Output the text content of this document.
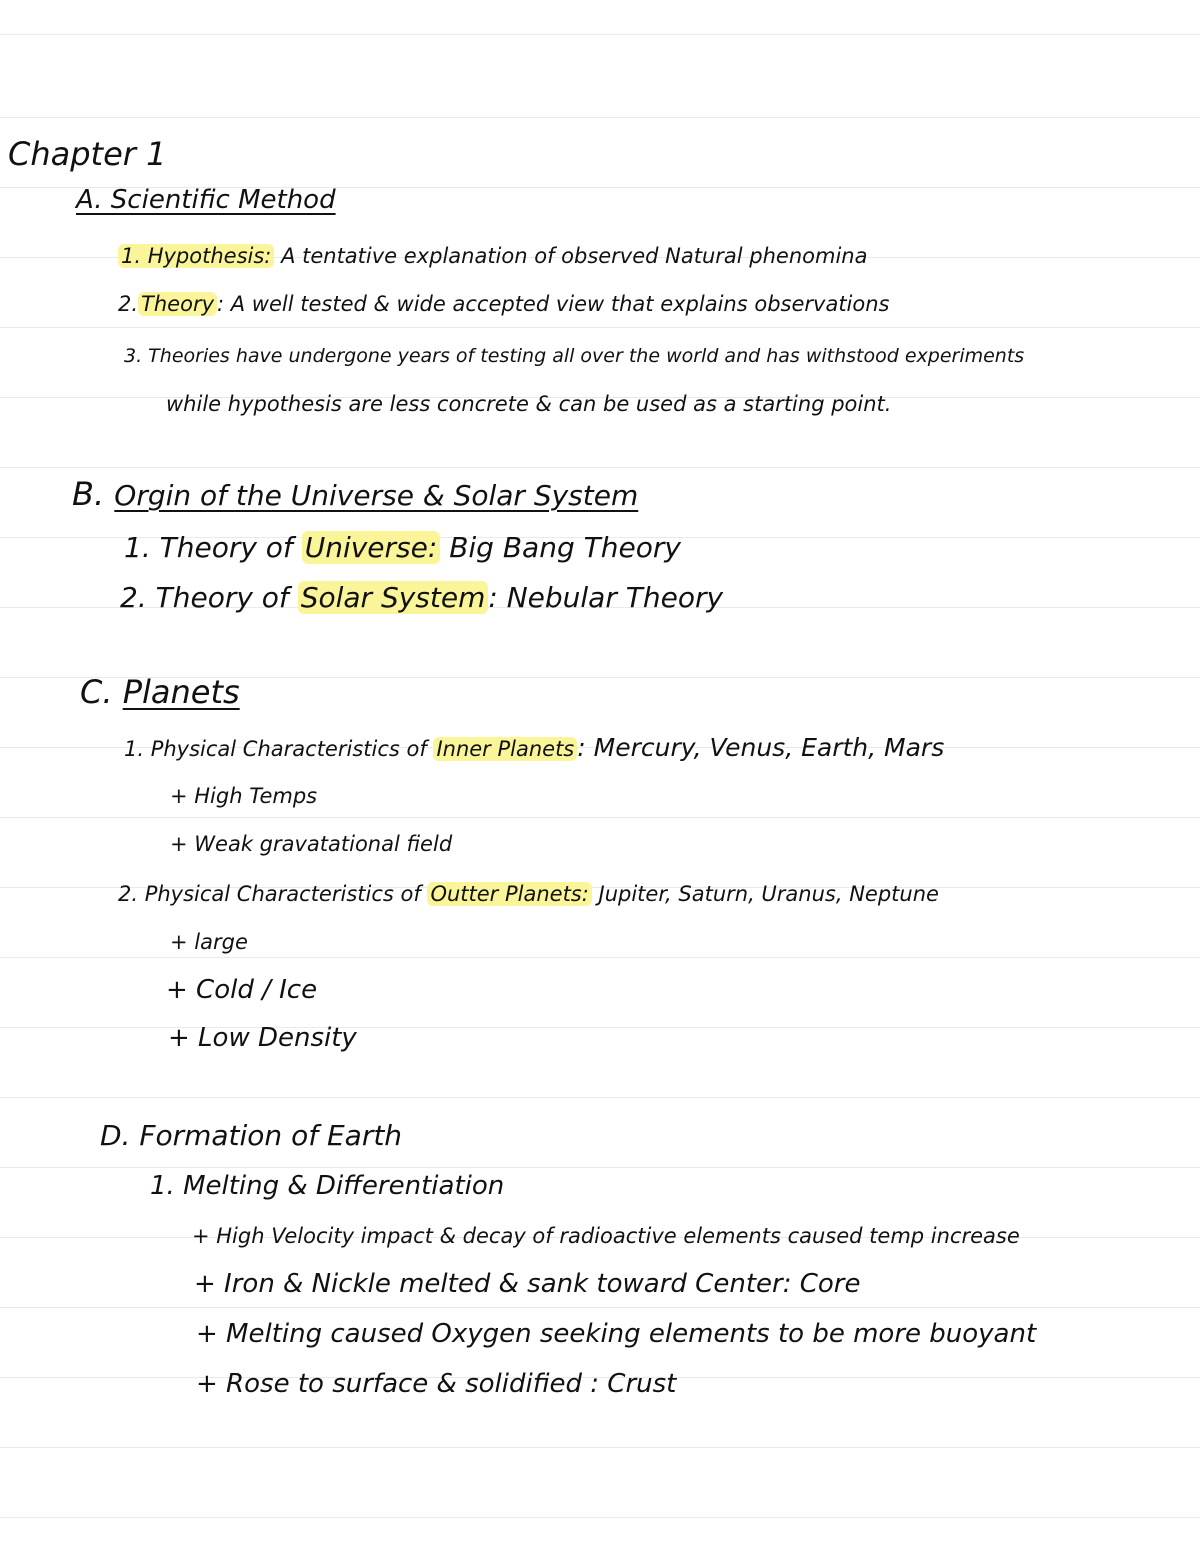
Chapter 1
A. Scientific Method
1. Hypothesis: A tentative explanation of observed Natural phenomina
2. Theory : A well tested & wide accepted view that explains observations
3. Theories have undergone years of testing all over the world and has withstood experiments
while hypothesis are less concrete & can be used as a starting point.
B. Orgin of the Universe & Solar System
1. Theory of Universe: Big Bang Theory
2. Theory of Solar System : Nebular Theory
C. Planets
1. Physical Characteristics of Inner Planets : Mercury, Venus, Earth, Mars
+ High Temps
+ Weak gravatational field
2. Physical Characteristics of Outter Planets: Jupiter, Saturn, Uranus, Neptune
+ large
+ Cold / Ice
+ Low Density
D. Formation of Earth
1. Melting & Differentiation
+ High Velocity impact & decay of radioactive elements caused temp increase
+ Iron & Nickle melted & sank toward Center: Core
+ Melting caused Oxygen seeking elements to be more buoyant
+ Rose to surface & solidified : Crust
